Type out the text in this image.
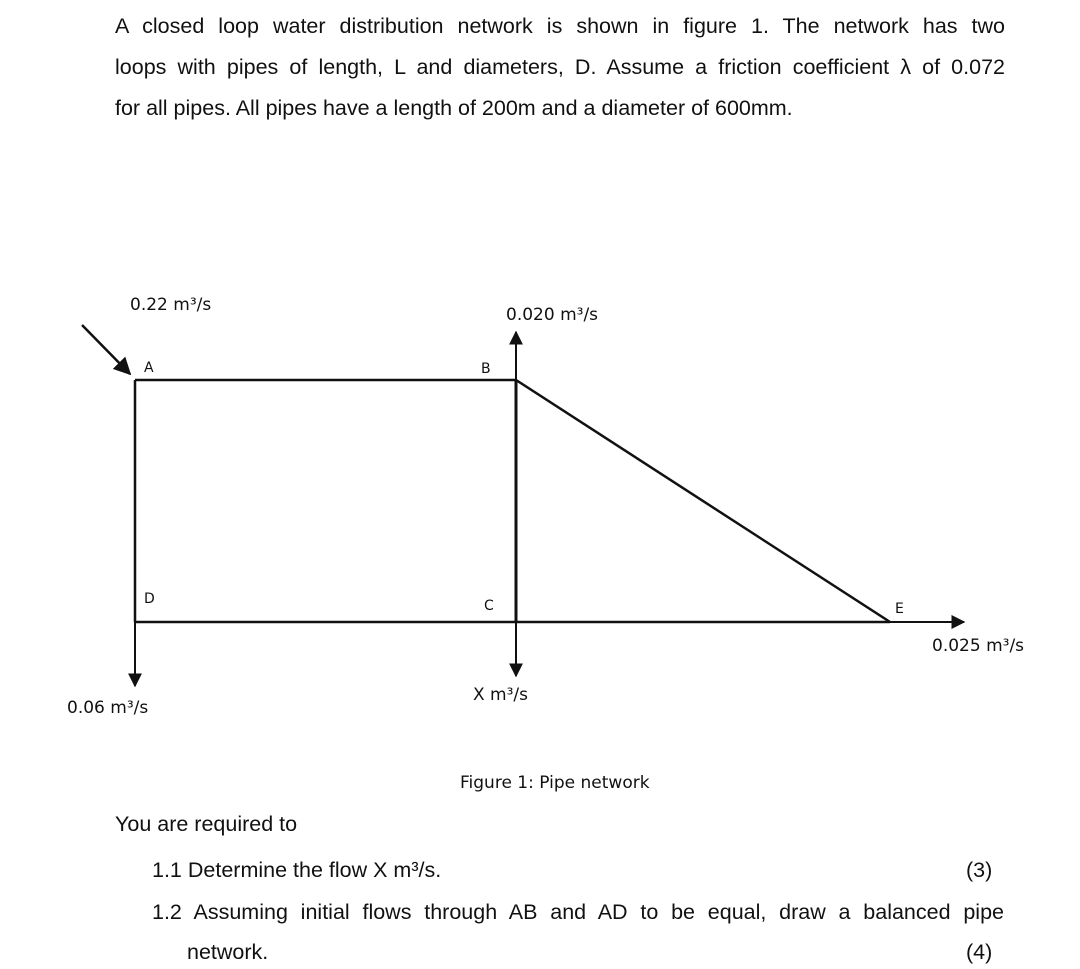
A closed loop water distribution network is shown in figure 1. The network has two
loops with pipes of length, L and diameters, D. Assume a friction coefficient λ of 0.072
for all pipes. All pipes have a length of 200m and a diameter of 600mm.
A	B
D	C	E
0.22 m³/s	0.020 m³/s
0.06 m³/s
X m³/s
0.025 m³/s
Figure 1: Pipe network
You are required to
1.1 Determine the flow X m³/s.	(3)
1.2 Assuming initial flows through AB and AD to be equal, draw a balanced pipe
network.	(4)
